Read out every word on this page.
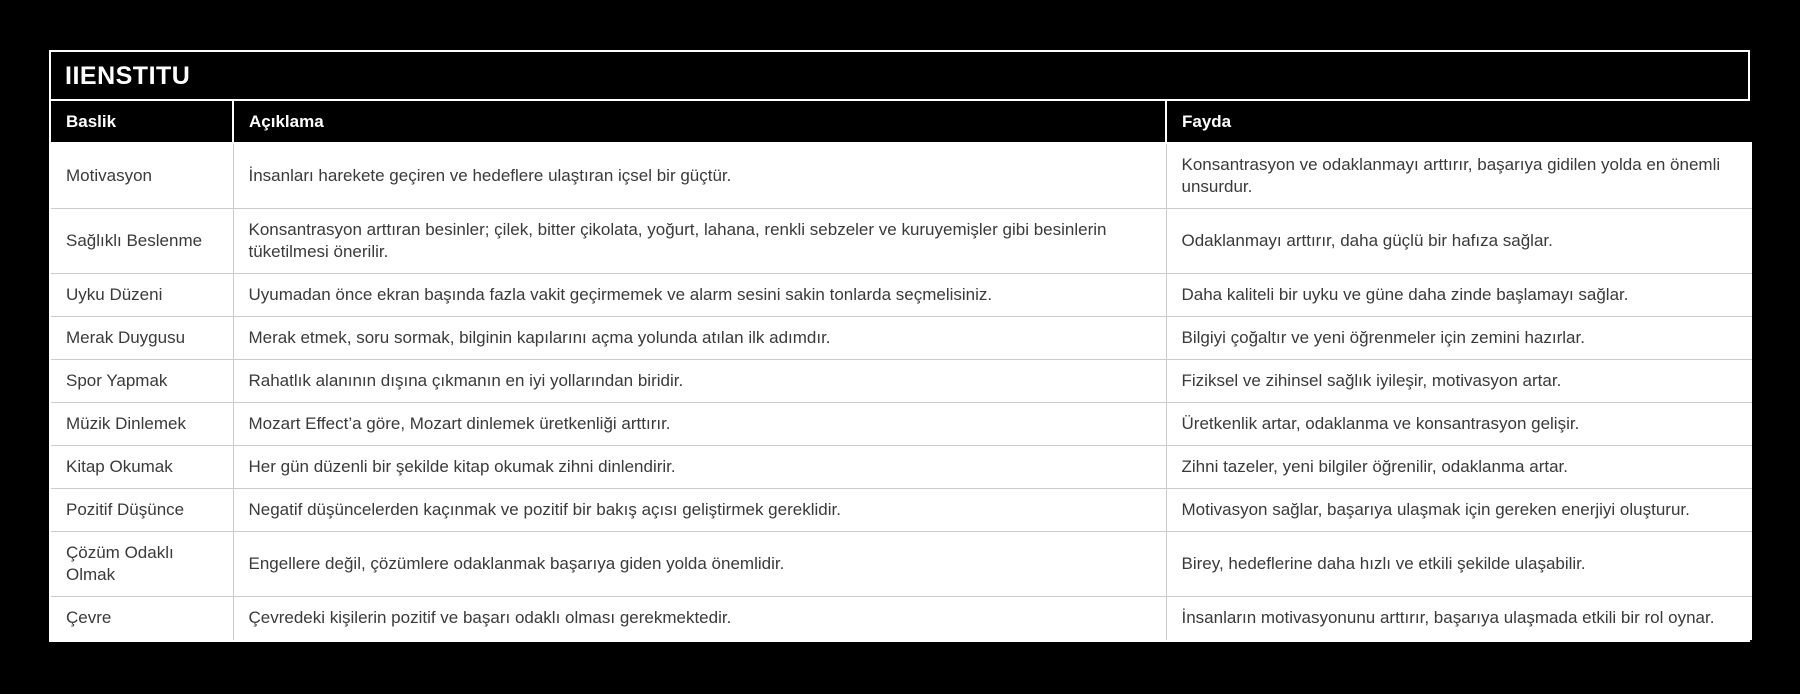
IIENSTITU
Baslik	Açıklama	Fayda
Motivasyon	İnsanları harekete geçiren ve hedeflere ulaştıran içsel bir güçtür.	Konsantrasyon ve odaklanmayı arttırır, başarıya gidilen yolda en önemli unsurdur.
Sağlıklı Beslenme	Konsantrasyon arttıran besinler; çilek, bitter çikolata, yoğurt, lahana, renkli sebzeler ve kuruyemişler gibi besinlerin tüketilmesi önerilir.	Odaklanmayı arttırır, daha güçlü bir hafıza sağlar.
Uyku Düzeni	Uyumadan önce ekran başında fazla vakit geçirmemek ve alarm sesini sakin tonlarda seçmelisiniz.	Daha kaliteli bir uyku ve güne daha zinde başlamayı sağlar.
Merak Duygusu	Merak etmek, soru sormak, bilginin kapılarını açma yolunda atılan ilk adımdır.	Bilgiyi çoğaltır ve yeni öğrenmeler için zemini hazırlar.
Spor Yapmak	Rahatlık alanının dışına çıkmanın en iyi yollarından biridir.	Fiziksel ve zihinsel sağlık iyileşir, motivasyon artar.
Müzik Dinlemek	Mozart Effect’a göre, Mozart dinlemek üretkenliği arttırır.	Üretkenlik artar, odaklanma ve konsantrasyon gelişir.
Kitap Okumak	Her gün düzenli bir şekilde kitap okumak zihni dinlendirir.	Zihni tazeler, yeni bilgiler öğrenilir, odaklanma artar.
Pozitif Düşünce	Negatif düşüncelerden kaçınmak ve pozitif bir bakış açısı geliştirmek gereklidir.	Motivasyon sağlar, başarıya ulaşmak için gereken enerjiyi oluşturur.
Çözüm Odaklı Olmak	Engellere değil, çözümlere odaklanmak başarıya giden yolda önemlidir.	Birey, hedeflerine daha hızlı ve etkili şekilde ulaşabilir.
Çevre	Çevredeki kişilerin pozitif ve başarı odaklı olması gerekmektedir.	İnsanların motivasyonunu arttırır, başarıya ulaşmada etkili bir rol oynar.
